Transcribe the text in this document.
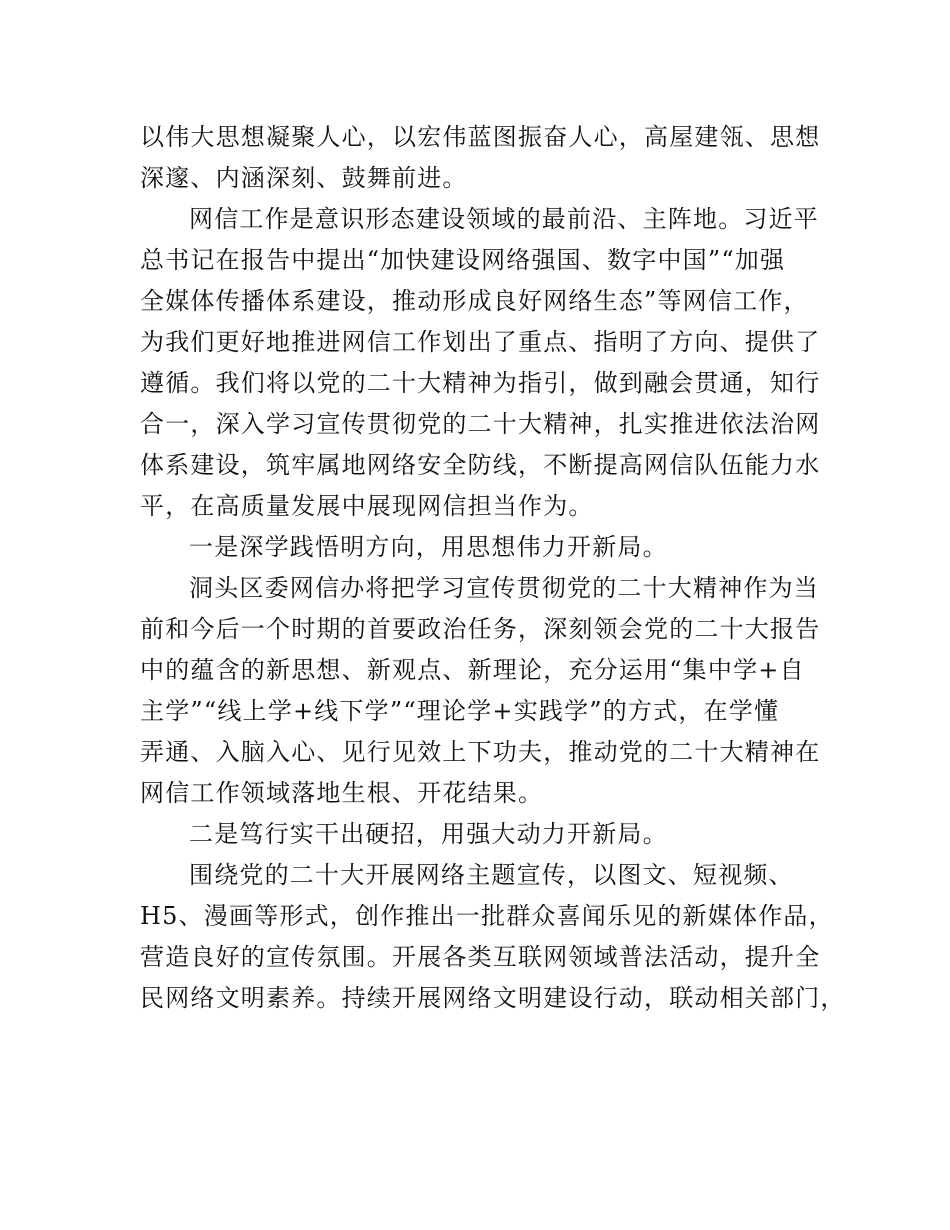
以伟大思想凝聚人心，以宏伟蓝图振奋人心，高屋建瓴、思想
深邃、内涵深刻、鼓舞前进。
网信工作是意识形态建设领域的最前沿、主阵地。习近平
总书记在报告中提出“加快建设网络强国、数字中国”“加强
全媒体传播体系建设，推动形成良好网络生态”等网信工作，
为我们更好地推进网信工作划出了重点、指明了方向、提供了
遵循。我们将以党的二十大精神为指引，做到融会贯通，知行
合一，深入学习宣传贯彻党的二十大精神，扎实推进依法治网
体系建设，筑牢属地网络安全防线，不断提高网信队伍能力水
平，在高质量发展中展现网信担当作为。
一是深学践悟明方向，用思想伟力开新局。
洞头区委网信办将把学习宣传贯彻党的二十大精神作为当
前和今后一个时期的首要政治任务，深刻领会党的二十大报告
中的蕴含的新思想、新观点、新理论，充分运用“集中学+自
主学”“线上学+线下学”“理论学+实践学”的方式，在学懂
弄通、入脑入心、见行见效上下功夫，推动党的二十大精神在
网信工作领域落地生根、开花结果。
二是笃行实干出硬招，用强大动力开新局。
围绕党的二十大开展网络主题宣传，以图文、短视频、
H5、漫画等形式，创作推出一批群众喜闻乐见的新媒体作品，
营造良好的宣传氛围。开展各类互联网领域普法活动，提升全
民网络文明素养。持续开展网络文明建设行动，联动相关部门，
